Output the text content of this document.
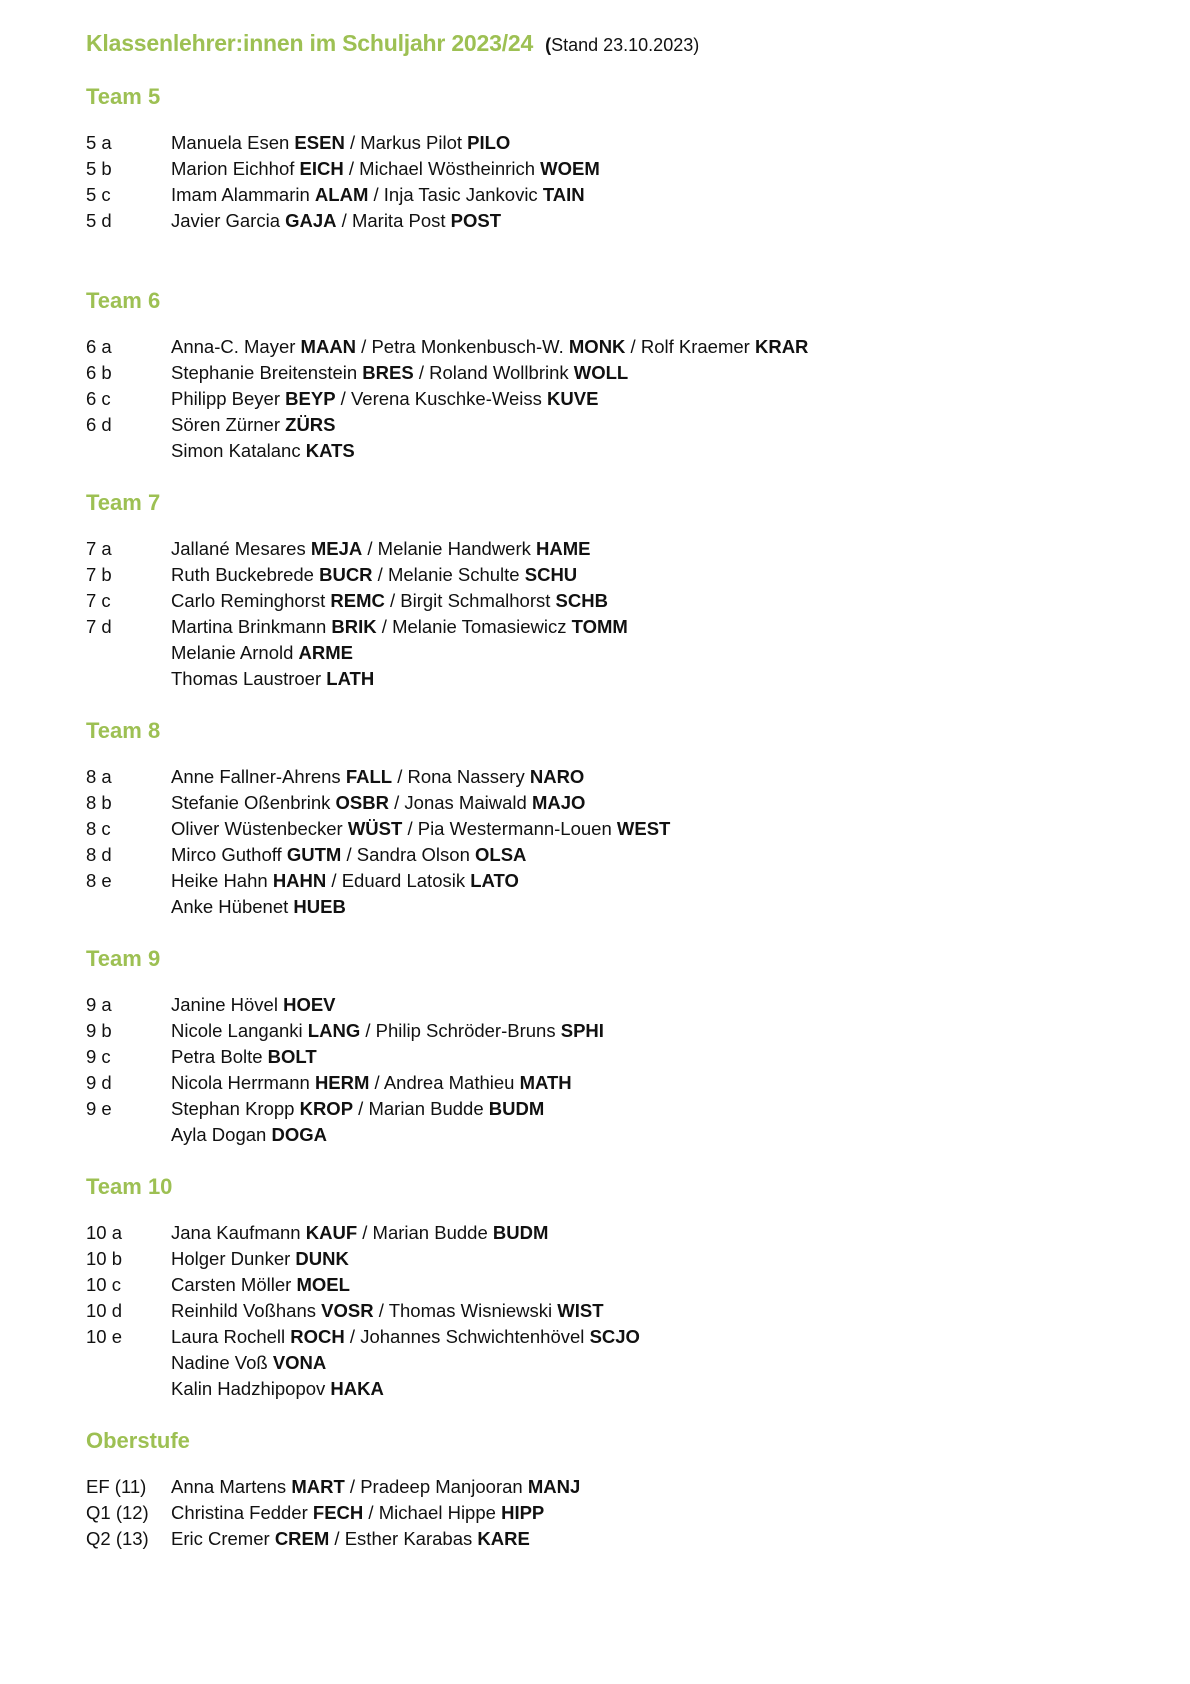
Klassenlehrer:innen im Schuljahr 2023/24 (Stand 23.10.2023)
Team 5
5 a	Manuela Esen ESEN / Markus Pilot PILO
5 b	Marion Eichhof EICH / Michael Wöstheinrich WOEM
5 c	Imam Alammarin ALAM / Inja Tasic Jankovic TAIN
5 d	Javier Garcia GAJA / Marita Post POST
Team 6
6 a	Anna-C. Mayer MAAN / Petra Monkenbusch-W. MONK / Rolf Kraemer KRAR
6 b	Stephanie Breitenstein BRES / Roland Wollbrink WOLL
6 c	Philipp Beyer BEYP / Verena Kuschke-Weiss KUVE
6 d	Sören Zürner ZÜRS
Simon Katalanc KATS
Team 7
7 a	Jallané Mesares MEJA / Melanie Handwerk HAME
7 b	Ruth Buckebrede BUCR / Melanie Schulte SCHU
7 c	Carlo Reminghorst REMC / Birgit Schmalhorst SCHB
7 d	Martina Brinkmann BRIK / Melanie Tomasiewicz TOMM
Melanie Arnold ARME
Thomas Laustroer LATH
Team 8
8 a	Anne Fallner-Ahrens FALL / Rona Nassery NARO
8 b	Stefanie Oßenbrink OSBR / Jonas Maiwald MAJO
8 c	Oliver Wüstenbecker WÜST / Pia Westermann-Louen WEST
8 d	Mirco Guthoff GUTM / Sandra Olson OLSA
8 e	Heike Hahn HAHN / Eduard Latosik LATO
Anke Hübenet HUEB
Team 9
9 a	Janine Hövel HOEV
9 b	Nicole Langanki LANG / Philip Schröder-Bruns SPHI
9 c	Petra Bolte BOLT
9 d	Nicola Herrmann HERM / Andrea Mathieu MATH
9 e	Stephan Kropp KROP / Marian Budde BUDM
Ayla Dogan DOGA
Team 10
10 a	Jana Kaufmann KAUF / Marian Budde BUDM
10 b	Holger Dunker DUNK
10 c	Carsten Möller MOEL
10 d	Reinhild Voßhans VOSR / Thomas Wisniewski WIST
10 e	Laura Rochell ROCH / Johannes Schwichtenhövel SCJO
Nadine Voß VONA
Kalin Hadzhipopov HAKA
Oberstufe
EF (11)	Anna Martens MART / Pradeep Manjooran MANJ
Q1 (12)	Christina Fedder FECH / Michael Hippe HIPP
Q2 (13)	Eric Cremer CREM / Esther Karabas KARE
